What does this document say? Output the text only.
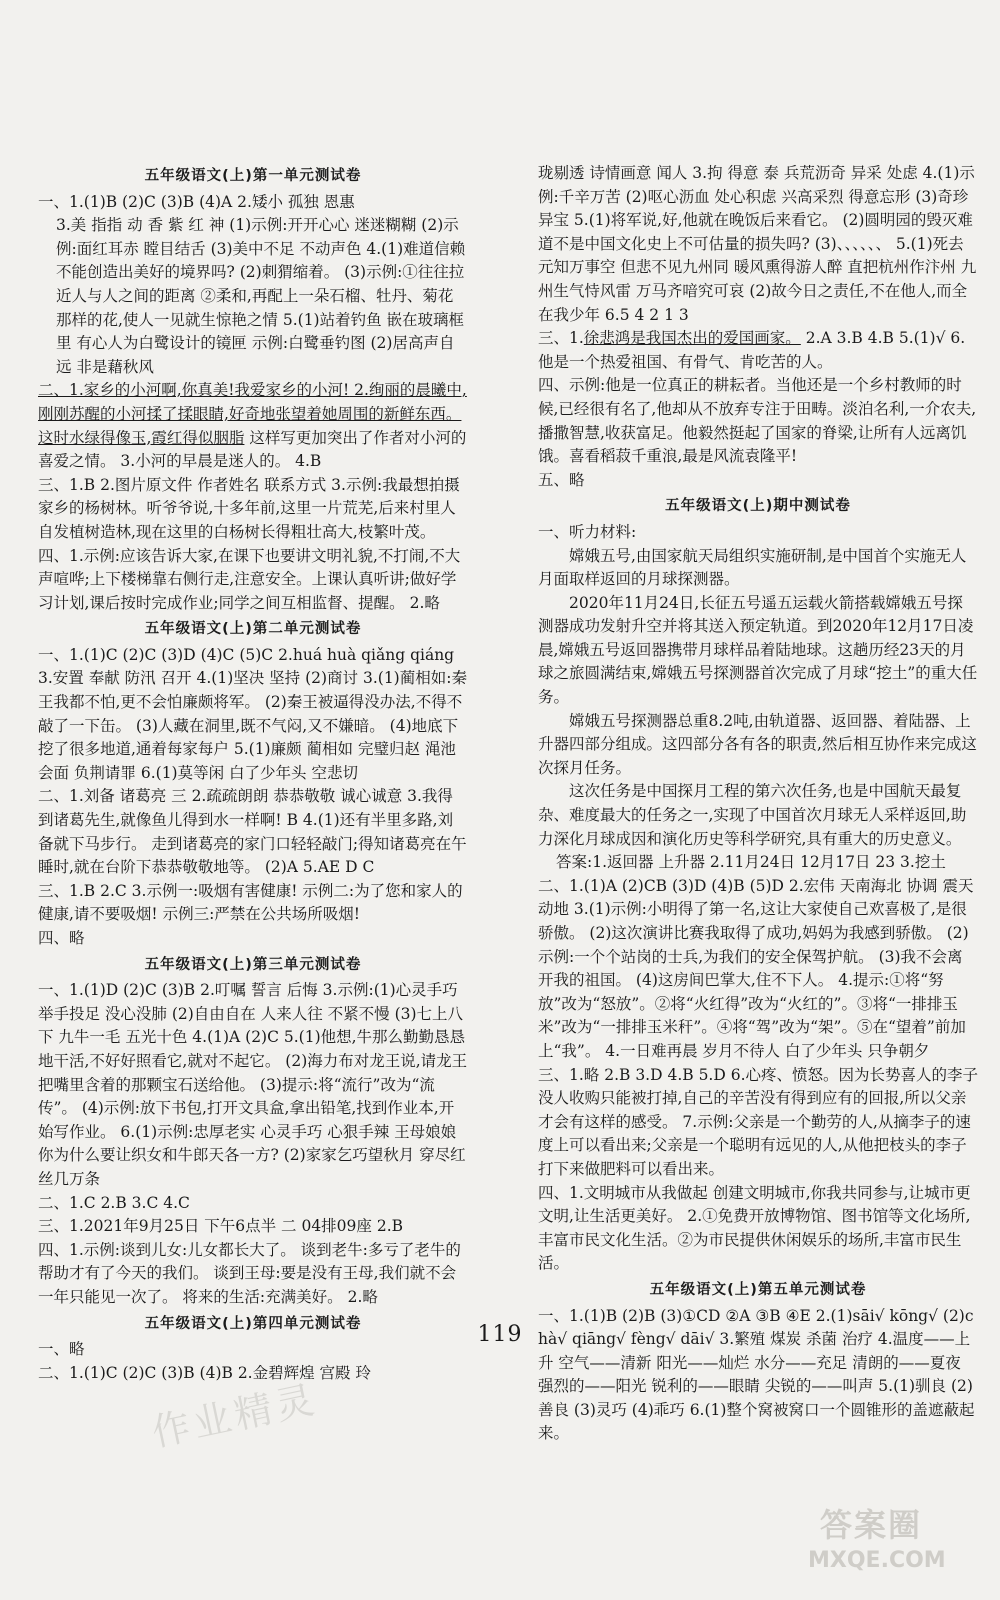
五年级语文(上)第一单元测试卷

一、1.(1)B (2)C (3)B (4)A 2.矮小 孤独 恩惠

3.美 指指 动 香 紫 红 神 (1)示例:开开心心 迷迷糊糊 (2)示例:面红耳赤 瞠目结舌 (3)美中不足 不动声色 4.(1)难道信赖不能创造出美好的境界吗? (2)刺猬缩着。 (3)示例:①往往拉近人与人之间的距离 ②柔和,再配上一朵石榴、牡丹、菊花那样的花,使人一见就生惊艳之情 5.(1)站着钓鱼 嵌在玻璃框里 有心人为白鹭设计的镜匣 示例:白鹭垂钓图 (2)居高声自远 非是藉秋风

二、1.家乡的小河啊,你真美!我爱家乡的小河! 2.绚丽的晨曦中,刚刚苏醒的小河揉了揉眼睛,好奇地张望着她周围的新鲜东西。 这时水绿得像玉,霞红得似胭脂 这样写更加突出了作者对小河的喜爱之情。 3.小河的早晨是迷人的。 4.B

三、1.B 2.图片原文件 作者姓名 联系方式 3.示例:我最想拍摄家乡的杨树林。听爷爷说,十多年前,这里一片荒芜,后来村里人自发植树造林,现在这里的白杨树长得粗壮高大,枝繁叶茂。

四、1.示例:应该告诉大家,在课下也要讲文明礼貌,不打闹,不大声喧哗;上下楼梯靠右侧行走,注意安全。上课认真听讲;做好学习计划,课后按时完成作业;同学之间互相监督、提醒。 2.略

五年级语文(上)第二单元测试卷

一、1.(1)C (2)C (3)D (4)C (5)C 2.huá huà qiǎng qiáng 3.安置 奉献 防汛 召开 4.(1)坚决 坚持 (2)商讨 3.(1)蔺相如:秦王我都不怕,更不会怕廉颇将军。 (2)秦王被逼得没办法,不得不敲了一下缶。 (3)人藏在洞里,既不气闷,又不嫌暗。 (4)地底下挖了很多地道,通着每家每户 5.(1)廉颇 蔺相如 完璧归赵 渑池会面 负荆请罪 6.(1)莫等闲 白了少年头 空悲切

二、1.刘备 诸葛亮 三 2.疏疏朗朗 恭恭敬敬 诚心诚意 3.我得到诸葛先生,就像鱼儿得到水一样啊! B 4.(1)还有半里多路,刘备就下马步行。 走到诸葛亮的家门口轻轻敲门;得知诸葛亮在午睡时,就在台阶下恭恭敬敬地等。 (2)A 5.AE D C

三、1.B 2.C 3.示例一:吸烟有害健康! 示例二:为了您和家人的健康,请不要吸烟! 示例三:严禁在公共场所吸烟!

四、略

五年级语文(上)第三单元测试卷

一、1.(1)D (2)C (3)B 2.叮嘱 誓言 后悔 3.示例:(1)心灵手巧 举手投足 没心没肺 (2)自由自在 人来人往 不紧不慢 (3)七上八下 九牛一毛 五光十色 4.(1)A (2)C 5.(1)他想,牛那么勤勤恳恳地干活,不好好照看它,就对不起它。 (2)海力布对龙王说,请龙王把嘴里含着的那颗宝石送给他。 (3)提示:将“流行”改为“流传”。 (4)示例:放下书包,打开文具盒,拿出铅笔,找到作业本,开始写作业。 6.(1)示例:忠厚老实 心灵手巧 心狠手辣 王母娘娘 你为什么要让织女和牛郎天各一方? (2)家家乞巧望秋月 穿尽红丝几万条

二、1.C 2.B 3.C 4.C

三、1.2021年9月25日 下午6点半 二 04排09座 2.B

四、1.示例:谈到儿女:儿女都长大了。 谈到老牛:多亏了老牛的帮助才有了今天的我们。 谈到王母:要是没有王母,我们就不会一年只能见一次了。 将来的生活:充满美好。 2.略

五年级语文(上)第四单元测试卷

一、略

二、1.(1)C (2)C (3)B (4)B 2.金碧辉煌 宫殿 玲

珑剔透 诗情画意 闻人 3.拘 得意 泰 兵荒沥奇 异采 处虑 4.(1)示例:千辛万苦 (2)呕心沥血 处心积虑 兴高采烈 得意忘形 (3)奇珍异宝 5.(1)将军说,好,他就在晚饭后来看它。 (2)圆明园的毁灭难道不是中国文化史上不可估量的损失吗? (3)、、、、、、 5.(1)死去元知万事空 但悲不见九州同 暖风熏得游人醉 直把杭州作汴州 九州生气恃风雷 万马齐喑究可哀 (2)故今日之责任,不在他人,而全在我少年 6.5 4 2 1 3

三、1.徐悲鸿是我国杰出的爱国画家。 2.A 3.B 4.B 5.(1)√ 6.他是一个热爱祖国、有骨气、肯吃苦的人。

四、示例:他是一位真正的耕耘者。当他还是一个乡村教师的时候,已经很有名了,他却从不放弃专注于田畴。淡泊名利,一介农夫,播撒智慧,收获富足。他毅然挺起了国家的脊梁,让所有人远离饥饿。喜看稻菽千重浪,最是风流袁隆平!

五、略

五年级语文(上)期中测试卷

一、听力材料:

嫦娥五号,由国家航天局组织实施研制,是中国首个实施无人月面取样返回的月球探测器。

2020年11月24日,长征五号遥五运载火箭搭载嫦娥五号探测器成功发射升空并将其送入预定轨道。到2020年12月17日凌晨,嫦娥五号返回器携带月球样品着陆地球。这趟历经23天的月球之旅圆满结束,嫦娥五号探测器首次完成了月球“挖土”的重大任务。

嫦娥五号探测器总重8.2吨,由轨道器、返回器、着陆器、上升器四部分组成。这四部分各有各的职责,然后相互协作来完成这次探月任务。

这次任务是中国探月工程的第六次任务,也是中国航天最复杂、难度最大的任务之一,实现了中国首次月球无人采样返回,助力深化月球成因和演化历史等科学研究,具有重大的历史意义。

答案:1.返回器 上升器 2.11月24日 12月17日 23 3.挖土

二、1.(1)A (2)CB (3)D (4)B (5)D 2.宏伟 天南海北 协调 震天动地 3.(1)示例:小明得了第一名,这让大家使自己欢喜极了,是很骄傲。 (2)这次演讲比赛我取得了成功,妈妈为我感到骄傲。 (2)示例:一个个站岗的士兵,为我们的安全保驾护航。 (3)我不会离开我的祖国。 (4)这房间巴掌大,住不下人。 4.提示:①将“努放”改为“怒放”。②将“火红得”改为“火红的”。③将“一排排玉米”改为“一排排玉米秆”。④将“驾”改为“架”。⑤在“望着”前加上“我”。 4.一日难再晨 岁月不待人 白了少年头 只争朝夕

三、1.略 2.B 3.D 4.B 5.D 6.心疼、愤怒。因为长势喜人的李子没人收购只能被打掉,自己的辛苦没有得到应有的回报,所以父亲才会有这样的感受。 7.示例:父亲是一个勤劳的人,从摘李子的速度上可以看出来;父亲是一个聪明有远见的人,从他把枝头的李子打下来做肥料可以看出来。

四、1.文明城市从我做起 创建文明城市,你我共同参与,让城市更文明,让生活更美好。 2.①免费开放博物馆、图书馆等文化场所,丰富市民文化生活。②为市民提供休闲娱乐的场所,丰富市民生活。

五年级语文(上)第五单元测试卷

一、1.(1)B (2)B (3)①CD ②A ③B ④E 2.(1)sāi√ kōng√ (2)chà√ qiāng√ fèng√ dāi√ 3.繁殖 煤炭 杀菌 治疗 4.温度——上升 空气——清新 阳光——灿烂 水分——充足 清朗的——夏夜 强烈的——阳光 锐利的——眼睛 尖锐的——叫声 5.(1)驯良 (2)善良 (3)灵巧 (4)乖巧 6.(1)整个窝被窝口一个圆锥形的盖遮蔽起来。

119
作业精灵
答案圈
MXQE.COM
